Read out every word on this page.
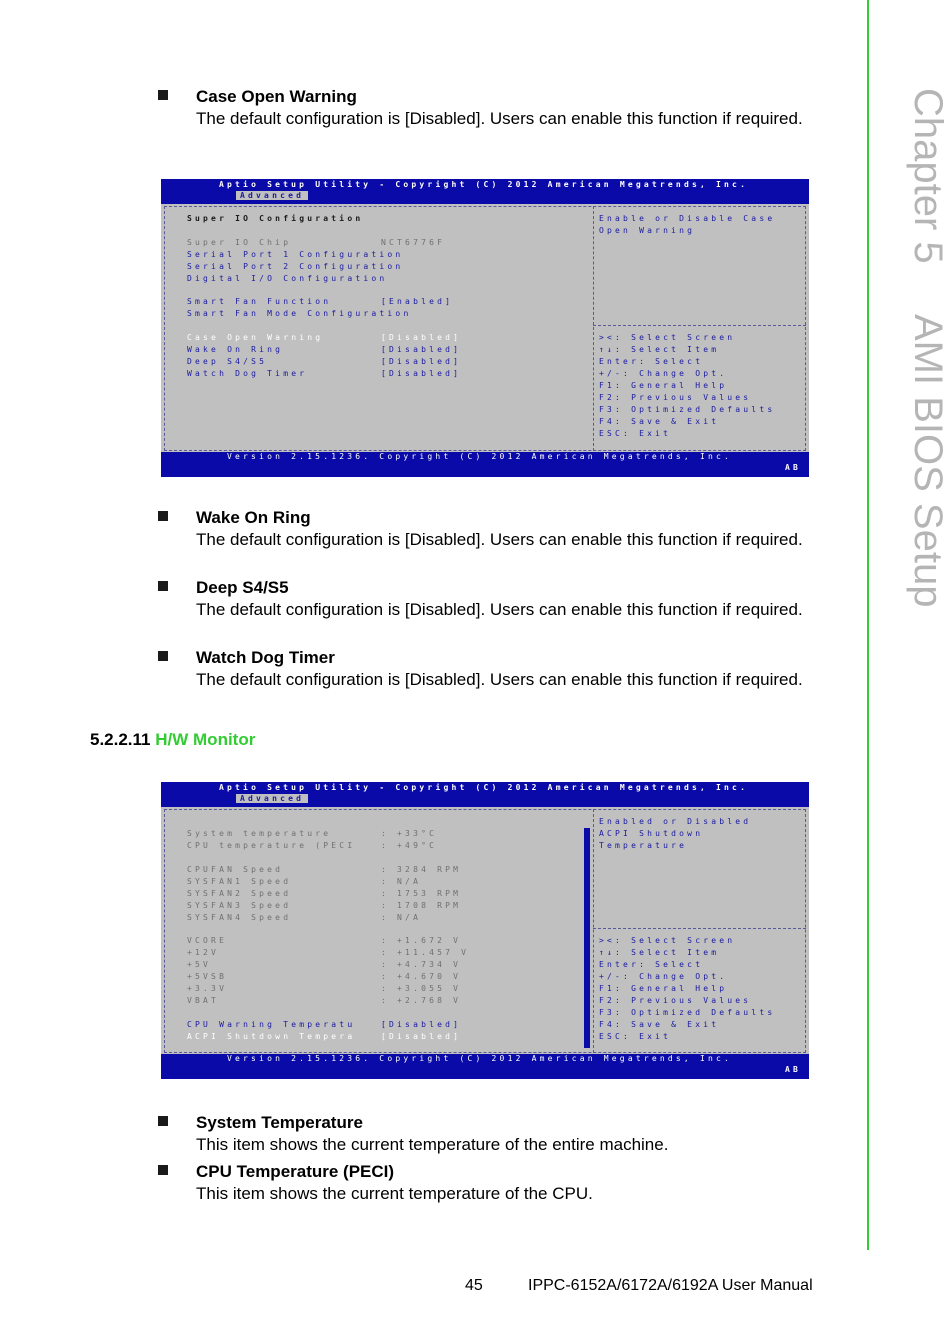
Chapter 5  AMI BIOS Setup
Case Open Warning
The default configuration is [Disabled]. Users can enable this function if required.
Aptio Setup Utility - Copyright (C) 2012 American Megatrends, Inc.
Advanced
Super IO Configuration
Super IO Chip	NCT6776F
Serial Port 1 Configuration
Serial Port 2 Configuration
Digital I/O Configuration
Smart Fan Function	[Enabled]
Smart Fan Mode Configuration
Case Open Warning	[Disabled]
Wake On Ring	[Disabled]
Deep S4/S5	[Disabled]
Watch Dog Timer	[Disabled]
Enable or Disable Case
Open Warning
><: Select Screen
↑↓: Select Item
Enter: Select
+/-: Change Opt.
F1: General Help
F2: Previous Values
F3: Optimized Defaults
F4: Save & Exit
ESC: Exit
Version 2.15.1236. Copyright (C) 2012 American Megatrends, Inc.
AB
Wake On Ring
The default configuration is [Disabled]. Users can enable this function if required.
Deep S4/S5
The default configuration is [Disabled]. Users can enable this function if required.
Watch Dog Timer
The default configuration is [Disabled]. Users can enable this function if required.
5.2.2.11 H/W Monitor
Aptio Setup Utility - Copyright (C) 2012 American Megatrends, Inc.
Advanced
System temperature	: +33°C
CPU temperature (PECI	: +49°C
CPUFAN Speed	: 3284 RPM
SYSFAN1 Speed	: N/A
SYSFAN2 Speed	: 1753 RPM
SYSFAN3 Speed	: 1708 RPM
SYSFAN4 Speed	: N/A
VCORE	: +1.672 V
+12V	: +11.457 V
+5V	: +4.734 V
+5VSB	: +4.670 V
+3.3V	: +3.055 V
VBAT	: +2.768 V
CPU Warning Temperatu	[Disabled]
ACPI Shutdown Tempera	[Disabled]
Enabled or Disabled
ACPI Shutdown
Temperature
><: Select Screen
↑↓: Select Item
Enter: Select
+/-: Change Opt.
F1: General Help
F2: Previous Values
F3: Optimized Defaults
F4: Save & Exit
ESC: Exit
Version 2.15.1236. Copyright (C) 2012 American Megatrends, Inc.
AB
System Temperature
This item shows the current temperature of the entire machine.
CPU Temperature (PECI)
This item shows the current temperature of the CPU.
45	IPPC-6152A/6172A/6192A User Manual
